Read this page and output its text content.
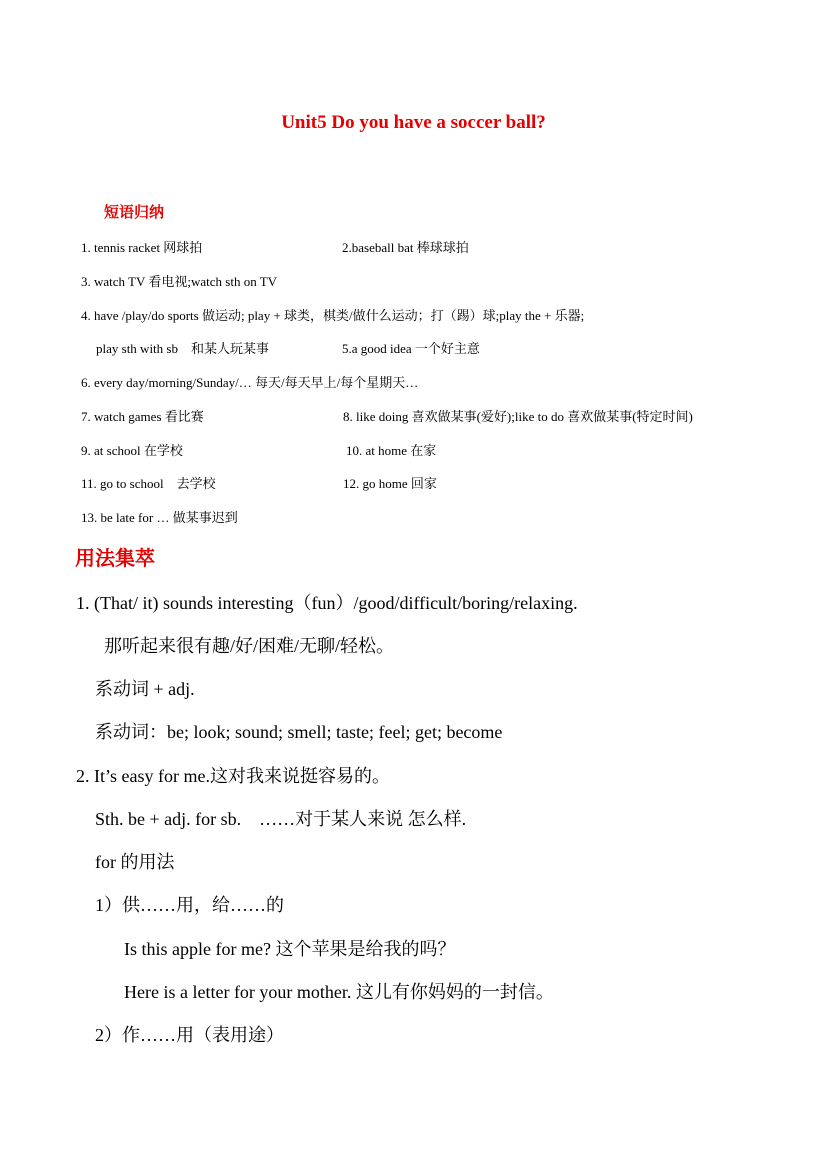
Unit5 Do you have a soccer ball?
短语归纳
1. tennis racket 网球拍	2.baseball bat 棒球球拍
3. watch TV 看电视;watch sth on TV
4. have /play/do sports 做运动; play + 球类，棋类/做什么运动；打（踢）球;play the + 乐器;
play sth with sb　和某人玩某事	5.a good idea 一个好主意
6. every day/morning/Sunday/… 每天/每天早上/每个星期天…
7. watch games 看比赛	8. like doing 喜欢做某事(爱好);like to do 喜欢做某事(特定时间)
9. at school 在学校	10. at home 在家
11. go to school　去学校	12. go home 回家
13. be late for … 做某事迟到
用法集萃
1. (That/ it) sounds interesting（fun）/good/difficult/boring/relaxing.
那听起来很有趣/好/困难/无聊/轻松。
系动词 + adj.
系动词：be; look; sound; smell; taste; feel; get; become
2. It’s easy for me.这对我来说挺容易的。
Sth. be + adj. for sb.　……对于某人来说 怎么样.
for 的用法
1）供……用，给……的
Is this apple for me? 这个苹果是给我的吗？
Here is a letter for your mother. 这儿有你妈妈的一封信。
2）作……用（表用途）
